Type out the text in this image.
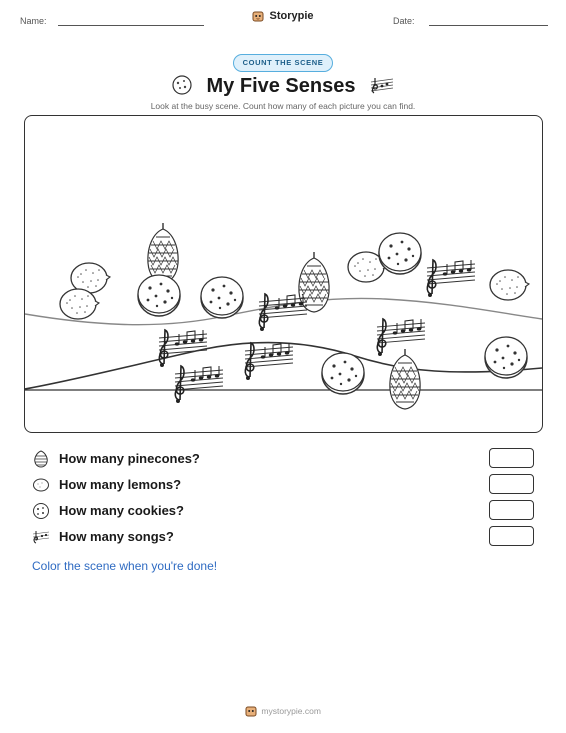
Name:	Storypie	Date:
COUNT THE SCENE
My Five Senses
Look at the busy scene. Count how many of each picture you can find.
How many pinecones?
How many lemons?
How many cookies?
How many songs?
Color the scene when you're done!
mystorypie.com
